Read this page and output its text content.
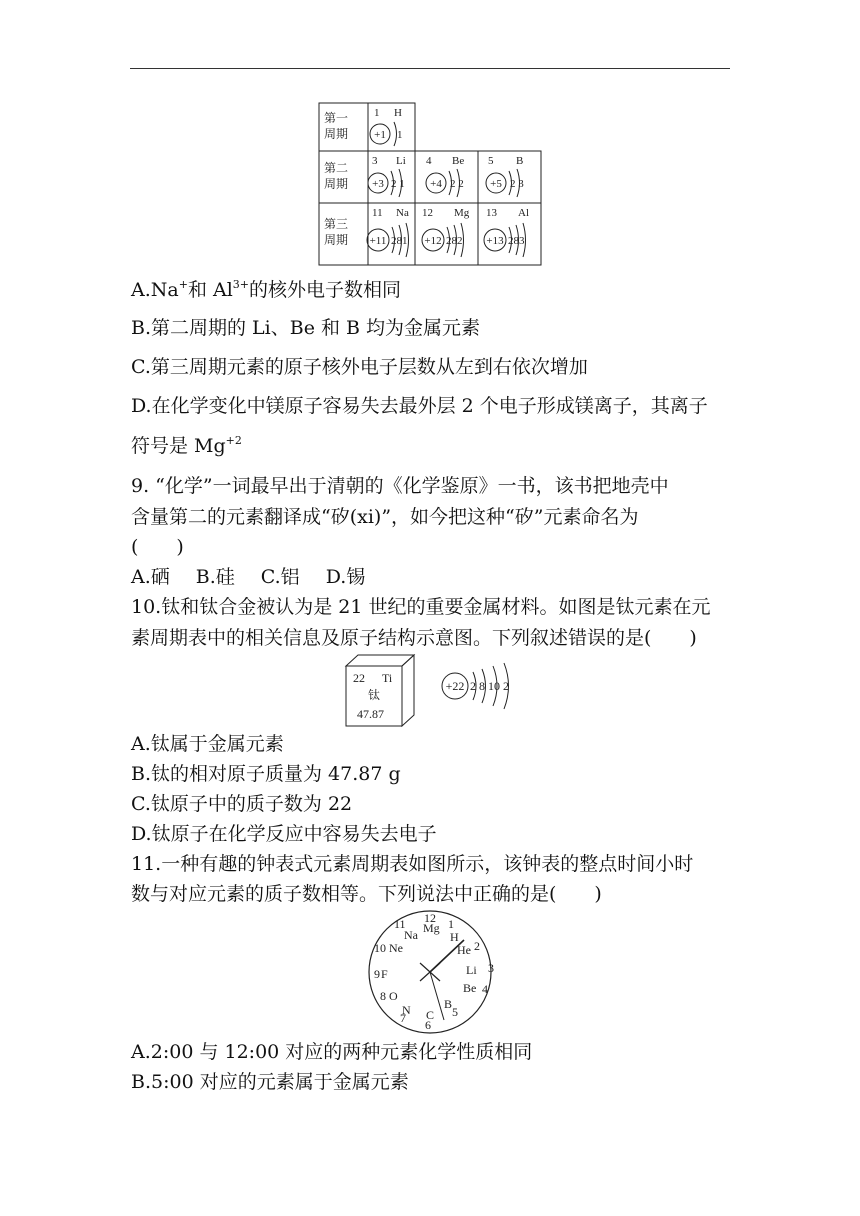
第一
周期
第二
周期
第三
周期
1 H
+1 1
3 Li
+3 2 1
4 Be
+4 2 2
5 B
+5 2 3
11 Na
+11 281
12 Mg
+12 282
13 Al
+13 283
A.Na+和 $Al^{3+}$的核外电子数相同
B.第二周期的 Li、Be 和 B 均为金属元素
C.第三周期元素的原子核外电子层数从左到右依次增加
D.在化学变化中镁原子容易失去最外层 2 个电子形成镁离子，其离子
符号是 $Mg^{+2}$
9. “化学”一词最早出于清朝的《化学鉴原》一书，该书把地壳中
含量第二的元素翻译成“矽(xi)”，如今把这种“矽”元素命名为
(　　)
A.硒 B.硅 C.铝 D.锡
10.钛和钛合金被认为是 21 世纪的重要金属材料。如图是钛元素在元
素周期表中的相关信息及原子结构示意图。下列叙述错误的是(　　)
22 Ti
钛
47.87
+22 2 8 10 2
A.钛属于金属元素
B.钛的相对原子质量为 47.87 g
C.钛原子中的质子数为 22
D.钛原子在化学反应中容易失去电子
11.一种有趣的钟表式元素周期表如图所示，该钟表的整点时间小时
数与对应元素的质子数相等。下列说法中正确的是(　　)
12
Mg 1
H
2
He
3
Li
4
Be
5
B
6
C
7
N
8 O
9 F
10 Ne
11
Na
A.2:00 与 12:00 对应的两种元素化学性质相同
B.5:00 对应的元素属于金属元素
